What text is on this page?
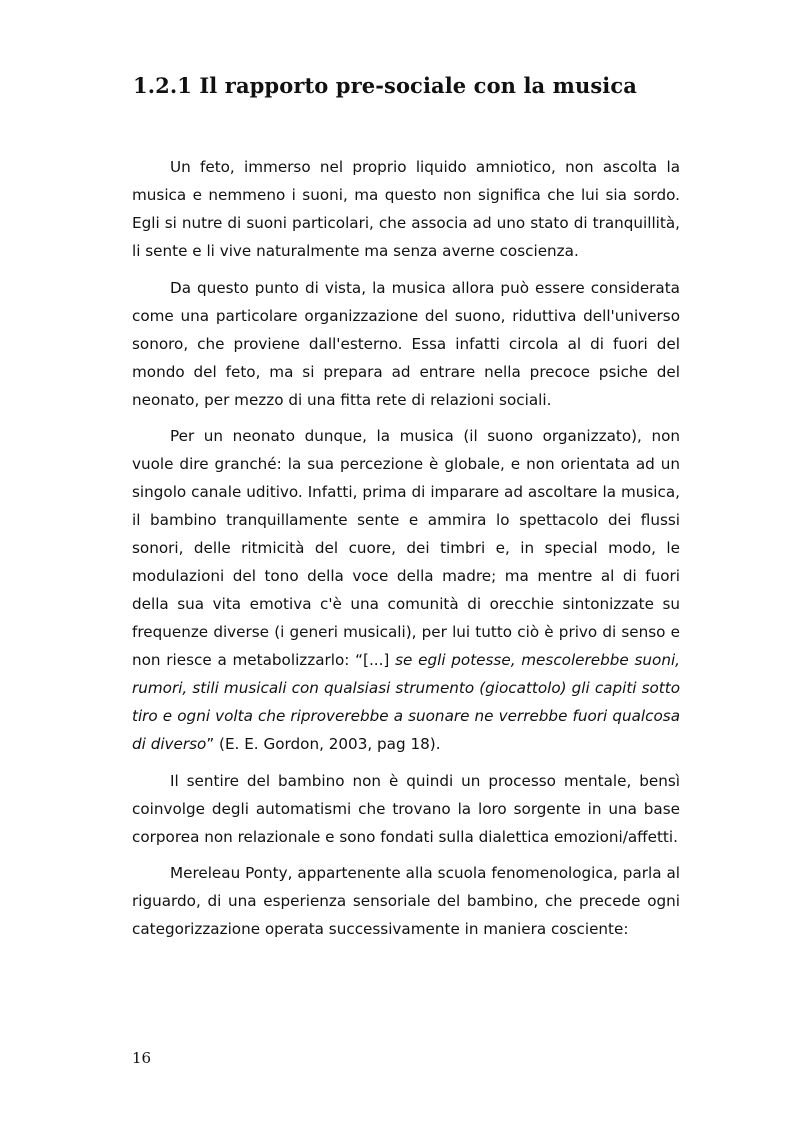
1.2.1 Il rapporto pre-sociale con la musica

Un feto, immerso nel proprio liquido amniotico, non ascolta la musica e nemmeno i suoni, ma questo non significa che lui sia sordo. Egli si nutre di suoni particolari, che associa ad uno stato di tranquillità, li sente e li vive naturalmente ma senza averne coscienza.

Da questo punto di vista, la musica allora può essere considerata come una particolare organizzazione del suono, riduttiva dell'universo sonoro, che proviene dall'esterno. Essa infatti circola al di fuori del mondo del feto, ma si prepara ad entrare nella precoce psiche del neonato, per mezzo di una fitta rete di relazioni sociali.

Per un neonato dunque, la musica (il suono organizzato), non vuole dire granché: la sua percezione è globale, e non orientata ad un singolo canale uditivo. Infatti, prima di imparare ad ascoltare la musica, il bambino tranquillamente sente e ammira lo spettacolo dei flussi sonori, delle ritmicità del cuore, dei timbri e, in special modo, le modulazioni del tono della voce della madre; ma mentre al di fuori della sua vita emotiva c'è una comunità di orecchie sintonizzate su frequenze diverse (i generi musicali), per lui tutto ciò è privo di senso e non riesce a metabolizzarlo: “[...] se egli potesse, mescolerebbe suoni, rumori, stili musicali con qualsiasi strumento (giocattolo) gli capiti sotto tiro e ogni volta che riproverebbe a suonare ne verrebbe fuori qualcosa di diverso” (E. E. Gordon, 2003, pag 18).

Il sentire del bambino non è quindi un processo mentale, bensì coinvolge degli automatismi che trovano la loro sorgente in una base corporea non relazionale e sono fondati sulla dialettica emozioni/affetti.

Mereleau Ponty, appartenente alla scuola fenomenologica, parla al riguardo, di una esperienza sensoriale del bambino, che precede ogni categorizzazione operata successivamente in maniera cosciente:

16
